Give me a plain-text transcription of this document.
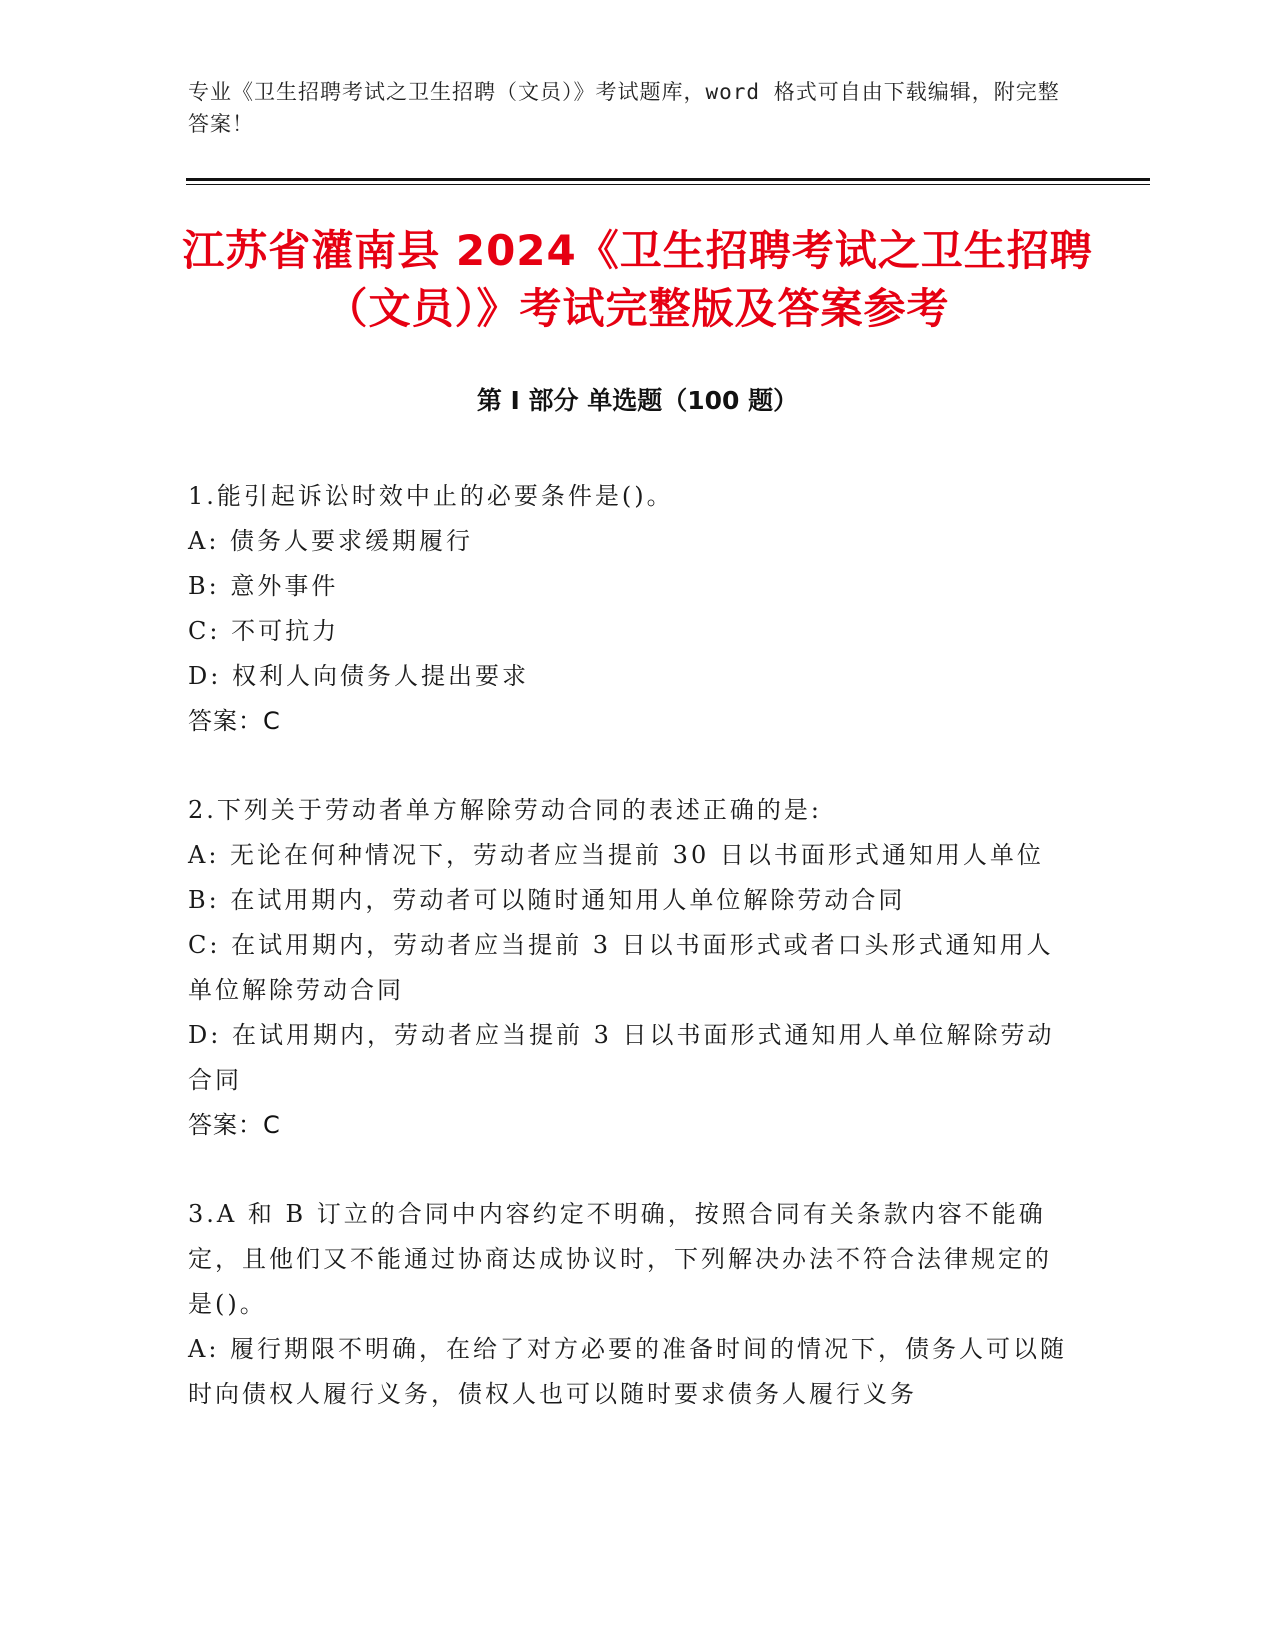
专业《卫生招聘考试之卫生招聘（文员）》考试题库，word 格式可自由下载编辑，附完整答案！
江苏省灌南县 2024《卫生招聘考试之卫生招聘（文员）》考试完整版及答案参考
第 I 部分 单选题（100 题）
1.能引起诉讼时效中止的必要条件是()。
A: 债务人要求缓期履行
B: 意外事件
C: 不可抗力
D: 权利人向债务人提出要求
答案：C
2.下列关于劳动者单方解除劳动合同的表述正确的是:
A: 无论在何种情况下，劳动者应当提前 30 日以书面形式通知用人单位
B: 在试用期内，劳动者可以随时通知用人单位解除劳动合同
C: 在试用期内，劳动者应当提前 3 日以书面形式或者口头形式通知用人单位解除劳动合同
D: 在试用期内，劳动者应当提前 3 日以书面形式通知用人单位解除劳动合同
答案：C
3.A 和 B 订立的合同中内容约定不明确，按照合同有关条款内容不能确定，且他们又不能通过协商达成协议时，下列解决办法不符合法律规定的是()。
A: 履行期限不明确，在给了对方必要的准备时间的情况下，债务人可以随时向债权人履行义务，债权人也可以随时要求债务人履行义务
